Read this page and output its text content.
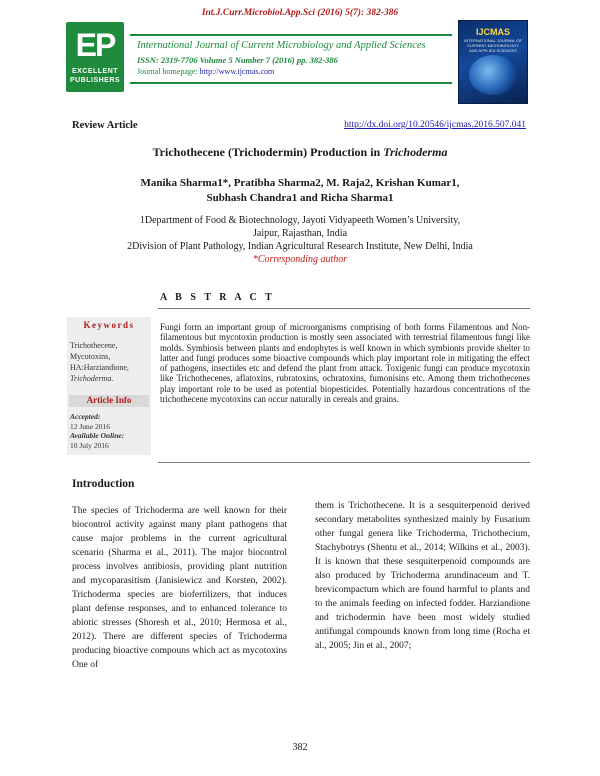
Int.J.Curr.Microbiol.App.Sci (2016) 5(7): 382-386
EP
EXCELLENT
PUBLISHERS
International Journal of Current Microbiology and Applied Sciences
ISSN: 2319-7706 Volume 5 Number 7 (2016) pp. 382-386
Journal homepage: http://www.ijcmas.com
IJCMAS
INTERNATIONAL JOURNAL OF CURRENT MICROBIOLOGY AND APPLIED SCIENCES
Review Article	http://dx.doi.org/10.20546/ijcmas.2016.507.041
Trichothecene (Trichodermin) Production in Trichoderma
Manika Sharma1*, Pratibha Sharma2, M. Raja2, Krishan Kumar1,
Subhash Chandra1 and Richa Sharma1
1Department of Food & Biotechnology, Jayoti Vidyapeeth Women’s University,
Jaipur, Rajasthan, India
2Division of Plant Pathology, Indian Agricultural Research Institute, New Delhi, India
*Corresponding author
A B S T R A C T
Keywords
Trichothecene,
Mycotoxins,
HA:Harziandione,
Trichoderma.
Article Info
Accepted:
12 June 2016
Available Online:
10 July 2016
Fungi form an important group of microorganisms comprising of both forms Filamentous and Non-filamentous but mycotoxin production is mostly seen associated with terrestrial filamentous fungi like molds. Symbiosis between plants and endophytes is well known in which symbionts provide shelter to latter and fungi produces some bioactive compounds which play important role in mitigating the effect of pathogens, insectides etc and defend the plant from attack. Toxigenic fungi can produce mycotoxin like Trichothecenes, aflatoxins, rubratoxins, ochratoxins, fumonisins etc. Among them trichothecenes play important role to be used as potential biopesticides. Potentially hazardous concentrations of the trichothecene mycotoxins can occur naturally in cereals and grains.
Introduction

The species of Trichoderma are well known for their biocontrol activity against many plant pathogens that cause major problems in the current agricultural scenario (Sharma et al., 2011). The major biocontrol process involves antibiosis, providing plant nutrition and mycoparasitism (Janisiewicz and Korsten, 2002). Trichoderma species are biofertilizers, that induces plant defense responses, and to enhanced tolerance to abiotic stresses (Shoresh et al., 2010; Hermosa et al., 2012). There are different species of Trichoderma producing bioactive compouns which act as mycotoxins One of

them is Trichothecene. It is a sesquiterpenoid derived secondary metabolites synthesized mainly by Fusarium other fungal genera like Trichoderma, Trichothecium, Stachybotrys (Shentu et al., 2014; Wilkins et al., 2003). It is known that these sesquiterpenoid compounds are also produced by Trichoderma arundinaceum and T. brevicompactum which are found harmful to plants and to the animals feeding on infected fodder. Harziandione and trichodermin have been most widely studied antifungal compounds known from long time (Rocha et al., 2005; Jin et al., 2007;

382
